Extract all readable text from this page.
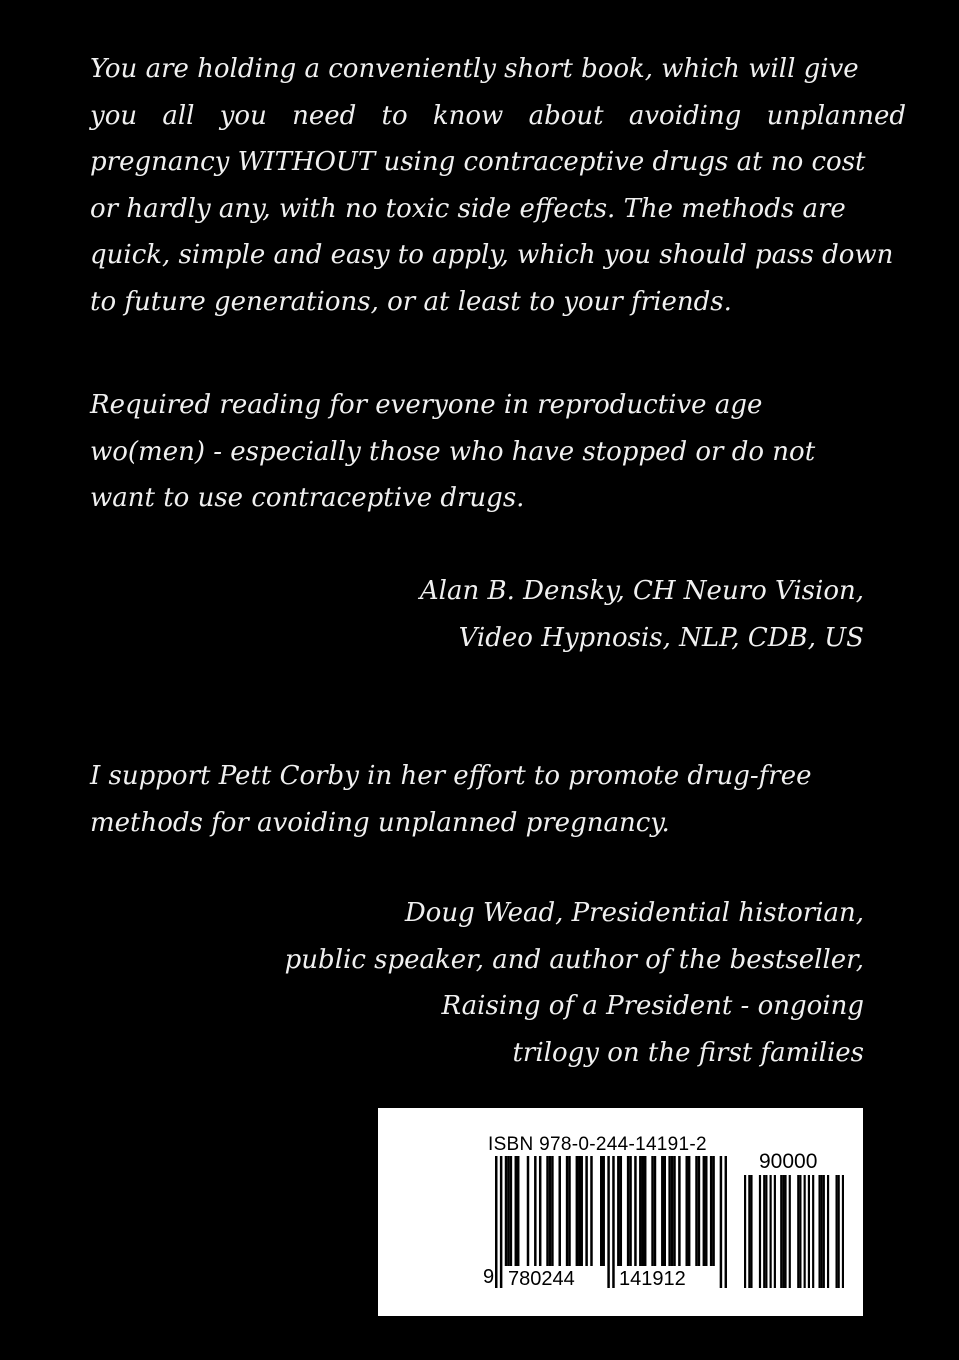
You are holding a conveniently short book, which will give
you all you need to know about avoiding unplanned
pregnancy WITHOUT using contraceptive drugs at no cost
or hardly any, with no toxic side effects. The methods are
quick, simple and easy to apply, which you should pass down
to future generations, or at least to your friends.

Required reading for everyone in reproductive age
wo(men) - especially those who have stopped or do not
want to use contraceptive drugs.

Alan B. Densky, CH Neuro Vision,
Video Hypnosis, NLP, CDB, US

I support Pett Corby in her effort to promote drug-free
methods for avoiding unplanned pregnancy.

Doug Wead, Presidential historian,
public speaker, and author of the bestseller,
Raising of a President - ongoing
trilogy on the first families

ISBN 978-0-244-14191-2
90000
9 780244 141912
